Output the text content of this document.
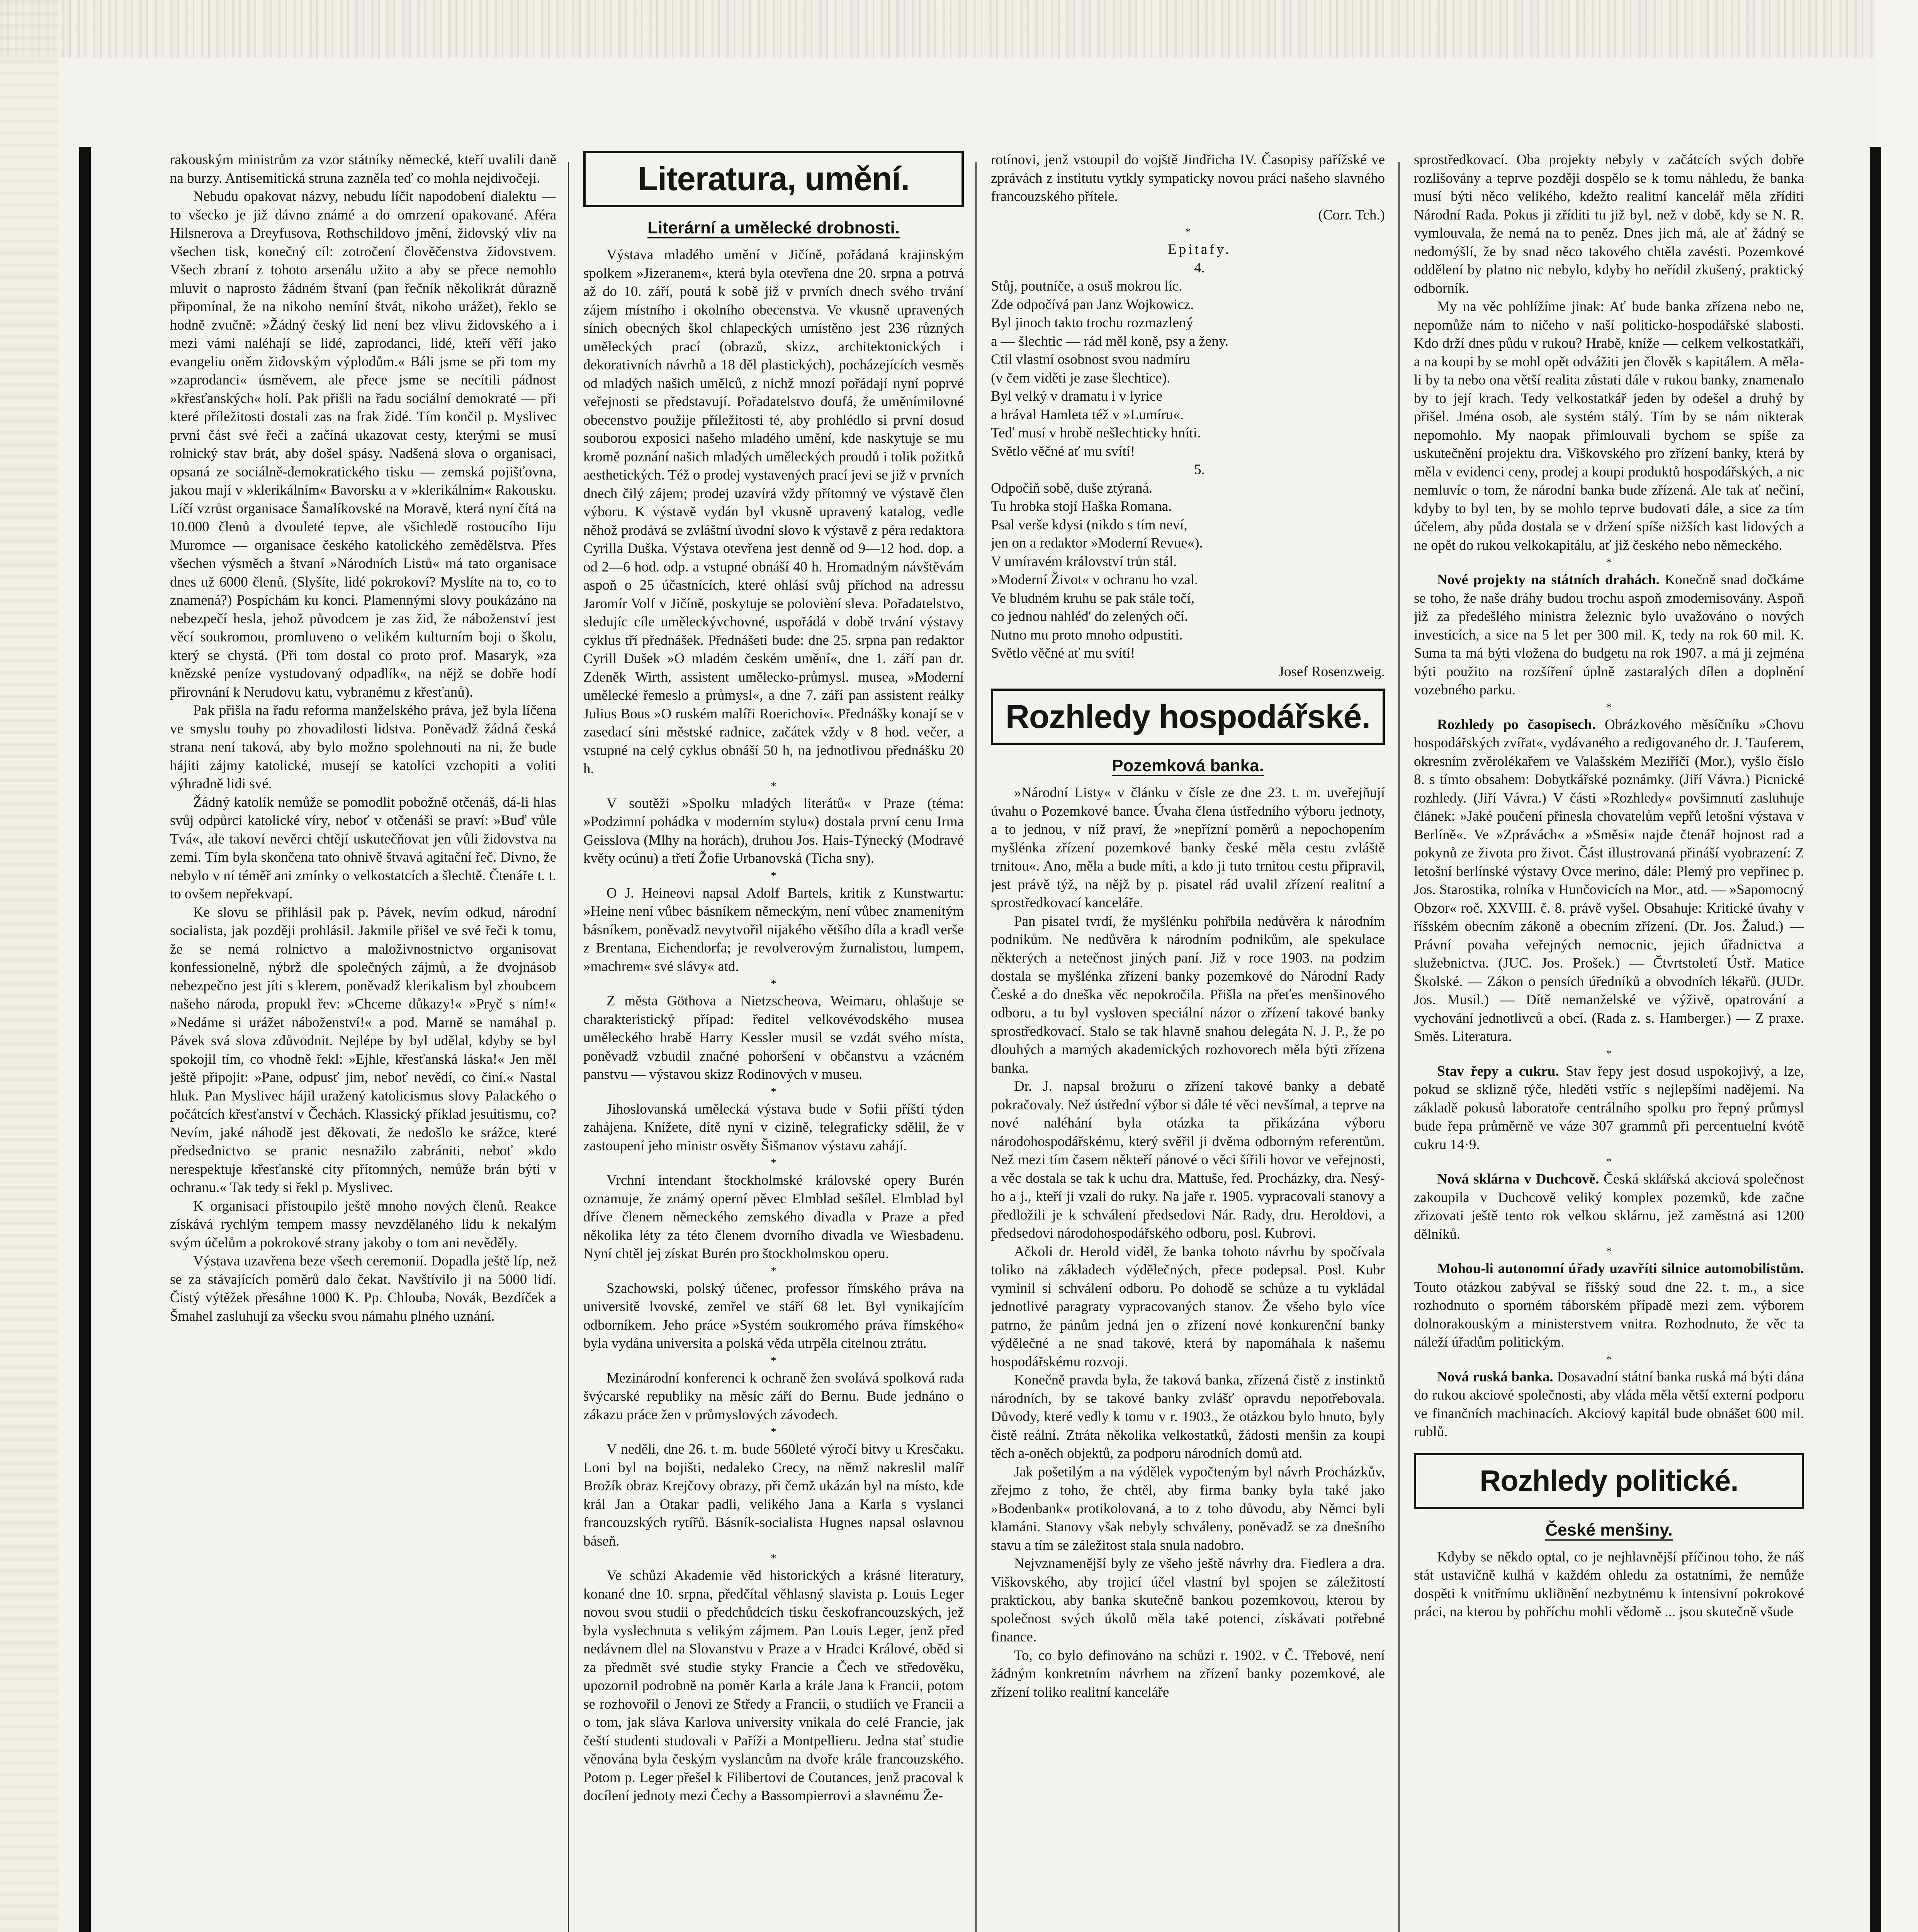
rakouským ministrům za vzor státníky německé, kteří uvalili daně na burzy. Antisemitická struna zazněla teď co mohla nejdivočeji.

Nebudu opakovat názvy, nebudu líčit napodobení dialektu — to všecko je již dávno známé a do omrzení opakované. Aféra Hilsnerova a Dreyfusova, Rothschildovo jmění, židovský vliv na všechen tisk, konečný cíl: zotročení člověčenstva židovstvem. Všech zbraní z tohoto arsenálu užito a aby se přece nemohlo mluvit o naprosto žádném štvaní (pan řečník několikrát důrazně připomínal, že na nikoho nemíní štvát, nikoho urážet), řeklo se hodně zvučně: »Žádný český lid není bez vlivu židovského a i mezi vámi naléhají se lidé, zaprodanci, lidé, kteří věří jako evangeliu oněm židovským výplodům.« Báli jsme se při tom my »zaprodanci« úsměvem, ale přece jsme se necítili pádnost »křesťanských« holí. Pak přišli na řadu sociální demokraté — při které příležitosti dostali zas na frak židé. Tím končil p. Myslivec první část své řeči a začíná ukazovat cesty, kterými se musí rolnický stav brát, aby došel spásy. Nadšená slova o organisaci, opsaná ze sociálně-demokratického tisku — zemská pojišťovna, jakou mají v »klerikálním« Bavorsku a v »klerikálním« Rakousku. Líčí vzrůst organisace Šamalíkovské na Moravě, která nyní čítá na 10.000 členů a dvouleté tepve, ale všichledě rostoucího Iiju Muromce — organisace českého katolického zemědělstva. Přes všechen výsměch a štvaní »Národních Listů« má tato organisace dnes už 6000 členů. (Slyšíte, lidé pokrokoví? Myslíte na to, co to znamená?) Pospíchám ku konci. Plamennými slovy poukázáno na nebezpečí hesla, jehož původcem je zas žid, že náboženství jest věcí soukromou, promluveno o velikém kulturním boji o školu, který se chystá. (Při tom dostal co proto prof. Masaryk, »za knězské peníze vystudovaný odpadlík«, na nějž se dobře hodí přirovnání k Nerudovu katu, vybranému z křesťanů).

Pak přišla na řadu reforma manželského práva, jež byla líčena ve smyslu touhy po zhovadilosti lidstva. Poněvadž žádná česká strana není taková, aby bylo možno spolehnouti na ni, že bude hájiti zájmy katolické, musejí se katolíci vzchopiti a voliti výhradně lidi své.

Žádný katolík nemůže se pomodlit pobožně otčenáš, dá-li hlas svůj odpůrci katolické víry, neboť v otčenáši se praví: »Buď vůle Tvá«, ale takoví nevěrci chtějí uskutečňovat jen vůli židovstva na zemi. Tím byla skončena tato ohnivě štvavá agitační řeč. Divno, že nebylo v ní téměř ani zmínky o velkostatcích a šlechtě. Čtenáře t. t. to ovšem nepřekvapí.

Ke slovu se přihlásil pak p. Pávek, nevím odkud, národní socialista, jak později prohlásil. Jakmile přišel ve své řeči k tomu, že se nemá rolnictvo a maloživnostnictvo organisovat konfessionelně, nýbrž dle společných zájmů, a že dvojnásob nebezpečno jest jíti s klerem, poněvadž klerikalism byl zhoubcem našeho národa, propukl řev: »Chceme důkazy!« »Pryč s ním!« »Nedáme si urážet náboženství!« a pod. Marně se namáhal p. Pávek svá slova zdůvodnit. Nejlépe by byl udělal, kdyby se byl spokojil tím, co vhodně řekl: »Ejhle, křesťanská láska!« Jen měl ještě připojit: »Pane, odpusť jim, neboť nevědí, co činí.« Nastal hluk. Pan Myslivec hájil uražený katolicismus slovy Palackého o počátcích křesťanství v Čechách. Klassický příklad jesuitismu, co? Nevím, jaké náhodě jest děkovati, že nedošlo ke srážce, které předsednictvo se pranic nesnažilo zabrániti, neboť »kdo nerespektuje křesťanské city přítomných, nemůže brán býti v ochranu.« Tak tedy si řekl p. Myslivec.

K organisaci přistoupilo ještě mnoho nových členů. Reakce získává rychlým tempem massy nevzdělaného lidu k nekalým svým účelům a pokrokové strany jakoby o tom ani nevěděly.

Výstava uzavřena beze všech ceremonií. Dopadla ještě líp, než se za stávajících poměrů dalo čekat. Navštívilo ji na 5000 lidí. Čistý výtěžek přesáhne 1000 K. Pp. Chlouba, Novák, Bezdíček a Šmahel zasluhují za všecku svou námahu plného uznání.

Literatura, umění.
Literární a umělecké drobnosti.

Výstava mladého umění v Jičíně, pořádaná krajinským spolkem »Jizeranem«, která byla otevřena dne 20. srpna a potrvá až do 10. září, poutá k sobě již v prvních dnech svého trvání zájem místního i okolního obecenstva. Ve vkusně upravených sínich obecných škol chlapeckých umístěno jest 236 různých uměleckých prací (obrazů, skizz, architektonických i dekorativních návrhů a 18 děl plastických), pocházejících vesměs od mladých našich umělců, z nichž mnozí pořádají nyní poprvé veřejnosti se představují. Pořadatelstvo doufá, že uměnímilovné obecenstvo použije příležitosti té, aby prohlédlo si první dosud souborou exposici našeho mladého umění, kde naskytuje se mu kromě poznání našich mladých uměleckých proudů i tolik požitků aesthetických. Též o prodej vystavených prací jevi se již v prvních dnech čilý zájem; prodej uzavírá vždy přítomný ve výstavě člen výboru. K výstavě vydán byl vkusně upravený katalog, vedle něhož prodává se zvláštní úvodní slovo k výstavě z péra redaktora Cyrilla Duška. Výstava otevřena jest denně od 9—12 hod. dop. a od 2—6 hod. odp. a vstupné obnáší 40 h. Hromadným návštěvám aspoň o 25 účastnících, které ohlásí svůj příchod na adressu Jaromír Volf v Jičíně, poskytuje se polovièní sleva. Pořadatelstvo, sledujíc cíle uměleckývchovné, uspořádá v době trvání výstavy cyklus tří přednášek. Přednášeti bude: dne 25. srpna pan redaktor Cyrill Dušek »O mladém českém umění«, dne 1. září pan dr. Zdeněk Wirth, assistent umělecko-průmysl. musea, »Moderní umělecké řemeslo a průmysl«, a dne 7. září pan assistent reálky Julius Bous »O ruském malíři Roerichovi«. Přednášky konají se v zasedací síni městské radnice, začátek vždy v 8 hod. večer, a vstupné na celý cyklus obnáší 50 h, na jednotlivou přednášku 20 h.

*

V soutěži »Spolku mladých literátů« v Praze (téma: »Podzimní pohádka v moderním stylu«) dostala první cenu Irma Geisslova (Mlhy na horách), druhou Jos. Hais-Týnecký (Modravé květy ocúnu) a třetí Žofie Urbanovská (Ticha sny).

*

O J. Heineovi napsal Adolf Bartels, kritik z Kunstwartu: »Heine není vůbec básníkem německým, není vůbec znamenitým básníkem, poněvadž nevytvořil nijakého většího díla a kradl verše z Brentana, Eichendorfa; je revolverovým žurnalistou, lumpem, »machrem« své slávy« atd.

*

Z města Göthova a Nietzscheova, Weimaru, ohlašuje se charakteristický případ: ředitel velkovévodského musea uměleckého hrabě Harry Kessler musil se vzdát svého místa, poněvadž vzbudil značné pohoršení v občanstvu a vzácném panstvu — výstavou skizz Rodinových v museu.

*

Jihoslovanská umělecká výstava bude v Sofii příští týden zahájena. Knížete, dítě nyní v cizině, telegraficky sdělil, že v zastoupení jeho ministr osvěty Šišmanov výstavu zahájí.

*

Vrchní intendant štockholmské královské opery Burén oznamuje, že známý operní pěvec Elmblad sešílel. Elmblad byl dříve členem německého zemského divadla v Praze a před několika léty za této členem dvorního divadla ve Wiesbadenu. Nyní chtěl jej získat Burén pro štockholmskou operu.

*

Szachowski, polský účenec, professor římského práva na universitě lvovské, zemřel ve stáří 68 let. Byl vynikajícím odborníkem. Jeho práce »Systém soukromého práva římského« byla vydána universita a polská věda utrpěla citelnou ztrátu.

*

Mezinárodní konferenci k ochraně žen svolává spolková rada švýcarské republiky na měsíc září do Bernu. Bude jednáno o zákazu práce žen v průmyslových závodech.

*

V neděli, dne 26. t. m. bude 560leté výročí bitvy u Kresčaku. Loni byl na bojišti, nedaleko Crecy, na němž nakreslil malíř Brožík obraz Krejčovy obrazy, při čemž ukázán byl na místo, kde král Jan a Otakar padli, velikého Jana a Karla s vyslanci francouzských rytířů. Básník-socialista Hugnes napsal oslavnou báseň.

*

Ve schůzi Akademie věd historických a krásné literatury, konané dne 10. srpna, předčítal věhlasný slavista p. Louis Leger novou svou studii o předchůdcích tisku českofrancouzských, jež byla vyslechnuta s velikým zájmem. Pan Louis Leger, jenž před nedávnem dlel na Slovanstvu v Praze a v Hradci Králové, oběd si za předmět své studie styky Francie a Čech ve středověku, upozornil podrobně na poměr Karla a krále Jana k Francii, potom se rozhovořil o Jenovi ze Středy a Francii, o studiích ve Francii a o tom, jak sláva Karlova university vnikala do celé Francie, jak čeští studenti studovali v Paříži a Montpellieru. Jedna stať studie věnována byla českým vyslancům na dvoře krále francouzského. Potom p. Leger přešel k Filibertovi de Coutances, jenž pracoval k docílení jednoty mezi Čechy a Bassompierrovi a slavnému Že-

rotínovi, jenž vstoupil do vojště Jindřicha IV. Časopisy pařížské ve zprávách z institutu vytkly sympaticky novou práci našeho slavného francouzského přítele.

(Corr. Tch.)

*

Epitafy.

4.

Stůj, poutníče, a osuš mokrou líc.
Zde odpočívá pan Janz Wojkowicz.
Byl jinoch takto trochu rozmazlený
a — šlechtic — rád měl koně, psy a ženy.
Ctil vlastní osobnost svou nadmíru
(v čem viděti je zase šlechtice).
Byl velký v dramatu i v lyrice
a hrával Hamleta též v »Lumíru«.
Teď musí v hrobě nešlechticky hníti.
Světlo věčné ať mu svítí!

5.

Odpočiň sobě, duše ztýraná.
Tu hrobka stojí Haška Romana.
Psal verše kdysi (nikdo s tím neví,
jen on a redaktor »Moderní Revue«).
V umíravém království trůn stál.
»Moderní Život« v ochranu ho vzal.
Ve bludném kruhu se pak stále točí,
co jednou nahléd' do zelených očí.
Nutno mu proto mnoho odpustiti.
Světlo věčné ať mu svítí!

Josef Rosenzweig.

Rozhledy hospodářské.
Pozemková banka.

»Národní Listy« v článku v čísle ze dne 23. t. m. uveřejňují úvahu o Pozemkové bance. Úvaha člena ústředního výboru jednoty, a to jednou, v níž praví, že »nepřízní poměrů a nepochopením myšlénka zřízení pozemkové banky české měla cestu zvláště trnitou«. Ano, měla a bude míti, a kdo ji tuto trnitou cestu připravil, jest právě týž, na nějž by p. pisatel rád uvalil zřízení realitní a sprostředkovací kanceláře.

Pan pisatel tvrdí, že myšlénku pohřbila nedůvěra k národním podnikům. Ne nedůvěra k národním podnikům, ale spekulace některých a netečnost jiných paní. Již v roce 1903. na podzim dostala se myšlénka zřízení banky pozemkové do Národní Rady České a do dneška věc nepokročila. Přišla na přeťes menšinového odboru, a tu byl vysloven speciální názor o zřízení takové banky sprostředkovací. Stalo se tak hlavně snahou delegáta N. J. P., že po dlouhých a marných akademických rozhovorech měla býti zřízena banka.

Dr. J. napsal brožuru o zřízení takové banky a debatě pokračovaly. Než ústřední výbor si dále té věci nevšímal, a teprve na nové naléhání byla otázka ta přikázána výboru národohospodářskému, který svěřil ji dvěma odborným referentům. Než mezi tím časem někteří pánové o věci šířili hovor ve veřejnosti, a věc dostala se tak k uchu dra. Mattuše, řed. Procházky, dra. Nesý-ho a j., kteří ji vzali do ruky. Na jaře r. 1905. vypracovali stanovy a předložili je k schválení předsedovi Nár. Rady, dru. Heroldovi, a předsedovi národohospodářského odboru, posl. Kubrovi.

Ačkoli dr. Herold viděl, že banka tohoto návrhu by spočívala toliko na základech výdělečných, přece podepsal. Posl. Kubr vyminil si schválení odboru. Po dohodě se schůze a tu vykládal jednotlivé paragraty vypracovaných stanov. Že všeho bylo více patrno, že pánům jedná jen o zřízení nové konkurenční banky výdělečné a ne snad takové, která by napomáhala k našemu hospodářskému rozvoji.

Konečně pravda byla, že taková banka, zřízená čistě z instinktů národních, by se takové banky zvlášť opravdu nepotřebovala. Důvody, které vedly k tomu v r. 1903., že otázkou bylo hnuto, byly čistě reální. Ztráta několika velkostatků, žádosti menšin za koupi těch a-oněch objektů, za podporu národních domů atd.

Jak pošetilým a na výdělek vypočteným byl návrh Procházkův, zřejmo z toho, že chtěl, aby firma banky byla také jako »Bodenbank« protikolovaná, a to z toho důvodu, aby Němci byli klamáni. Stanovy však nebyly schváleny, poněvadž se za dnešního stavu a tím se záležitost stala snula nadobro.

Nejvznamenější byly ze všeho ještě návrhy dra. Fiedlera a dra. Viškovského, aby trojicí účel vlastní byl spojen se záležitostí praktickou, aby banka skutečně bankou pozemkovou, kterou by společnost svých úkolů měla také potenci, získávati potřebné finance.

To, co bylo definováno na schůzi r. 1902. v Č. Třebové, není žádným konkretním návrhem na zřízení banky pozemkové, ale zřízení toliko realitní kanceláře

sprostředkovací. Oba projekty nebyly v začátcích svých dobře rozlišovány a teprve později dospělo se k tomu náhledu, že banka musí býti něco velikého, kdežto realitní kancelář měla zříditi Národní Rada. Pokus ji zříditi tu již byl, než v době, kdy se N. R. vymlouvala, že nemá na to peněz. Dnes jich má, ale ať žádný se nedomýšlí, že by snad něco takového chtěla zavésti. Pozemkové oddělení by platno nic nebylo, kdyby ho neřídil zkušený, praktický odborník.

My na věc pohlížíme jinak: Ať bude banka zřízena nebo ne, nepomůže nám to ničeho v naší politicko-hospodářské slabosti. Kdo drží dnes půdu v rukou? Hrabě, kníže — celkem velkostatkáři, a na koupi by se mohl opět odvážiti jen člověk s kapitálem. A měla-li by ta nebo ona větší realita zůstati dále v rukou banky, znamenalo by to její krach. Tedy velkostatkář jeden by odešel a druhý by přišel. Jména osob, ale systém stálý. Tím by se nám nikterak nepomohlo. My naopak přimlouvali bychom se spíše za uskutečnění projektu dra. Viškovského pro zřízení banky, která by měla v evidenci ceny, prodej a koupi produktů hospodářských, a nic nemluvíc o tom, že národní banka bude zřízená. Ale tak ať nečiní, kdyby to byl ten, by se mohlo teprve budovati dále, a sice za tím účelem, aby půda dostala se v držení spíše nižších kast lidových a ne opět do rukou velkokapitálu, ať již českého nebo německého.

*

Nové projekty na státních drahách. Konečně snad dočkáme se toho, že naše dráhy budou trochu aspoň zmodernisovány. Aspoň již za předešlého ministra železnic bylo uvažováno o nových investicích, a sice na 5 let per 300 mil. K, tedy na rok 60 mil. K. Suma ta má býti vložena do budgetu na rok 1907. a má ji zejména býti použito na rozšíření úplně zastaralých dílen a doplnění vozebného parku.

*

Rozhledy po časopisech. Obrázkového měsíčníku »Chovu hospodářských zvířat«, vydávaného a redigovaného dr. J. Tauferem, okresním zvěrolékařem ve Valašském Meziříčí (Mor.), vyšlo číslo 8. s tímto obsahem: Dobytkářské poznámky. (Jiří Vávra.) Picnické rozhledy. (Jiří Vávra.) V části »Rozhledy« povšimnutí zasluhuje článek: »Jaké poučení přinesla chovatelům vepřů letošní výstava v Berlíně«. Ve »Zprávách« a »Směsi« najde čtenář hojnost rad a pokynů ze života pro život. Část illustrovaná přináší vyobrazení: Z letošní berlínské výstavy Ovce merino, dále: Plemý pro vepřinec p. Jos. Starostika, rolníka v Hunčovicích na Mor., atd. — »Sapomocný Obzor« roč. XXVIII. č. 8. právě vyšel. Obsahuje: Kritické úvahy v říšském obecním zákoně a obecním zřízení. (Dr. Jos. Žalud.) — Právní povaha veřejných nemocnic, jejich úřadnictva a služebnictva. (JUC. Jos. Prošek.) — Čtvrtstoletí Ústř. Matice Školské. — Zákon o pensích úředníků a obvodních lékařů. (JUDr. Jos. Musil.) — Dítě nemanželské ve výživě, opatrování a vychování jednotlivců a obcí. (Rada z. s. Hamberger.) — Z praxe. Směs. Literatura.

*

Stav řepy a cukru. Stav řepy jest dosud uspokojivý, a lze, pokud se sklizně týče, hleděti vstříc s nejlepšími nadějemi. Na základě pokusů laboratoře centrálního spolku pro řepný průmysl bude řepa průměrně ve váze 307 grammů při percentuelní kvótě cukru 14·9.

*

Nová sklárna v Duchcově. Česká sklářská akciová společnost zakoupila v Duchcově veliký komplex pozemků, kde začne zřizovati ještě tento rok velkou sklárnu, jež zaměstná asi 1200 dělníků.

*

Mohou-li autonomní úřady uzavříti silnice automobilistům. Touto otázkou zabýval se říšský soud dne 22. t. m., a sice rozhodnuto o sporném táborském případě mezi zem. výborem dolnorakouským a ministerstvem vnitra. Rozhodnuto, že věc ta náleží úřadům politickým.

*

Nová ruská banka. Dosavadní státní banka ruská má býti dána do rukou akciové společnosti, aby vláda měla větší externí podporu ve finančních machinacích. Akciový kapitál bude obnášet 600 mil. rublů.

Rozhledy politické.
České menšiny.

Kdyby se někdo optal, co je nejhlavnější příčinou toho, že náš stát ustavičně kulhá v každém ohledu za ostatními, že nemůže dospěti k vnitřnímu ukliðnění nezbytnému k intensivní pokrokové práci, na kterou by pohříchu mohli vědomě ... jsou skutečně všude
